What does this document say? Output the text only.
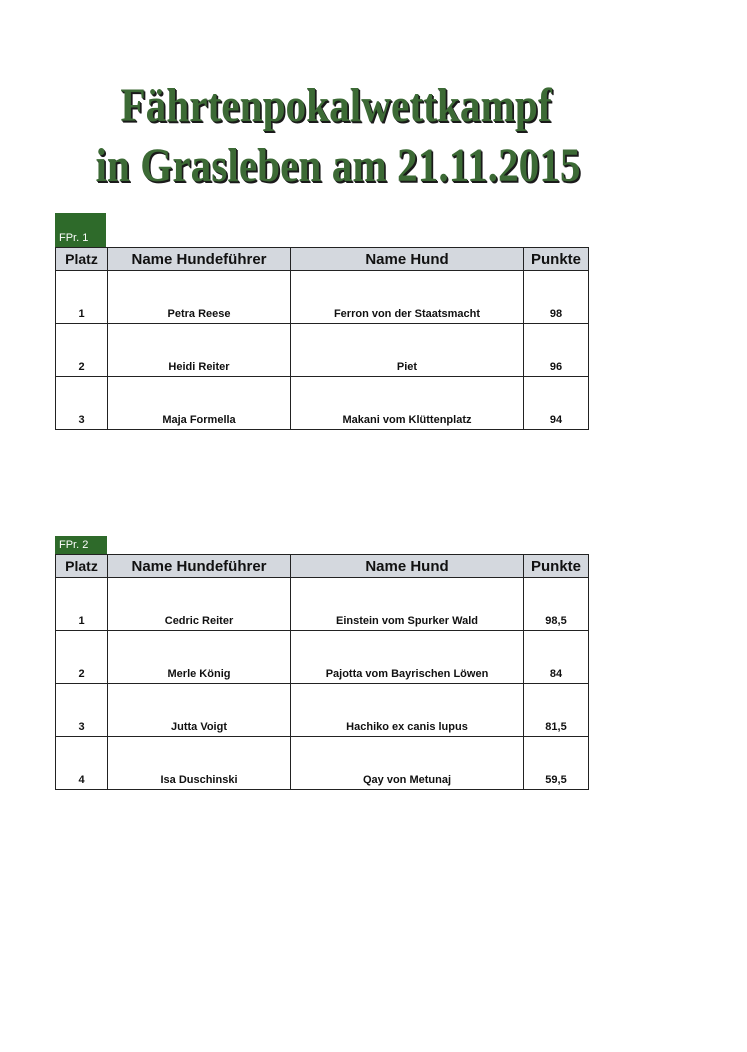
Fährtenpokalwettkampf
in Grasleben am 21.11.2015
FPr. 1
Platz	Name Hundeführer	Name Hund	Punkte
1	Petra Reese	Ferron von der Staatsmacht	98
2	Heidi Reiter	Piet	96
3	Maja Formella	Makani vom Klüttenplatz	94
FPr. 2
Platz	Name Hundeführer	Name Hund	Punkte
1	Cedric Reiter	Einstein vom Spurker Wald	98,5
2	Merle König	Pajotta vom Bayrischen Löwen	84
3	Jutta Voigt	Hachiko ex canis lupus	81,5
4	Isa Duschinski	Qay von Metunaj	59,5
